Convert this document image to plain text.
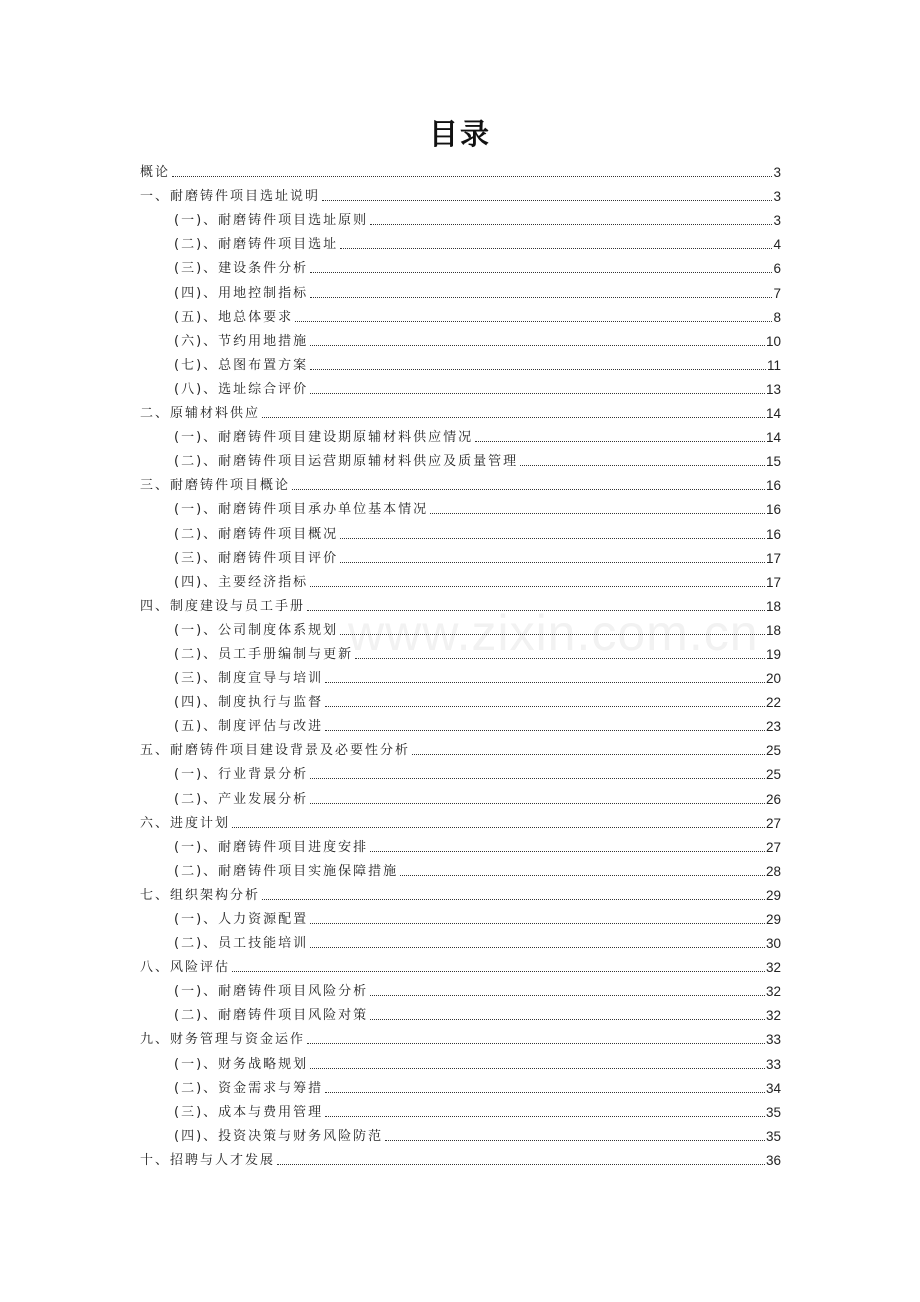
目录
www.zixin.com.cn
概论	3
一、耐磨铸件项目选址说明	3
(一)、耐磨铸件项目选址原则	3
(二)、耐磨铸件项目选址	4
(三)、建设条件分析	6
(四)、用地控制指标	7
(五)、地总体要求	8
(六)、节约用地措施	10
(七)、总图布置方案	11
(八)、选址综合评价	13
二、原辅材料供应	14
(一)、耐磨铸件项目建设期原辅材料供应情况	14
(二)、耐磨铸件项目运营期原辅材料供应及质量管理	15
三、耐磨铸件项目概论	16
(一)、耐磨铸件项目承办单位基本情况	16
(二)、耐磨铸件项目概况	16
(三)、耐磨铸件项目评价	17
(四)、主要经济指标	17
四、制度建设与员工手册	18
(一)、公司制度体系规划	18
(二)、员工手册编制与更新	19
(三)、制度宣导与培训	20
(四)、制度执行与监督	22
(五)、制度评估与改进	23
五、耐磨铸件项目建设背景及必要性分析	25
(一)、行业背景分析	25
(二)、产业发展分析	26
六、进度计划	27
(一)、耐磨铸件项目进度安排	27
(二)、耐磨铸件项目实施保障措施	28
七、组织架构分析	29
(一)、人力资源配置	29
(二)、员工技能培训	30
八、风险评估	32
(一)、耐磨铸件项目风险分析	32
(二)、耐磨铸件项目风险对策	32
九、财务管理与资金运作	33
(一)、财务战略规划	33
(二)、资金需求与筹措	34
(三)、成本与费用管理	35
(四)、投资决策与财务风险防范	35
十、招聘与人才发展	36
